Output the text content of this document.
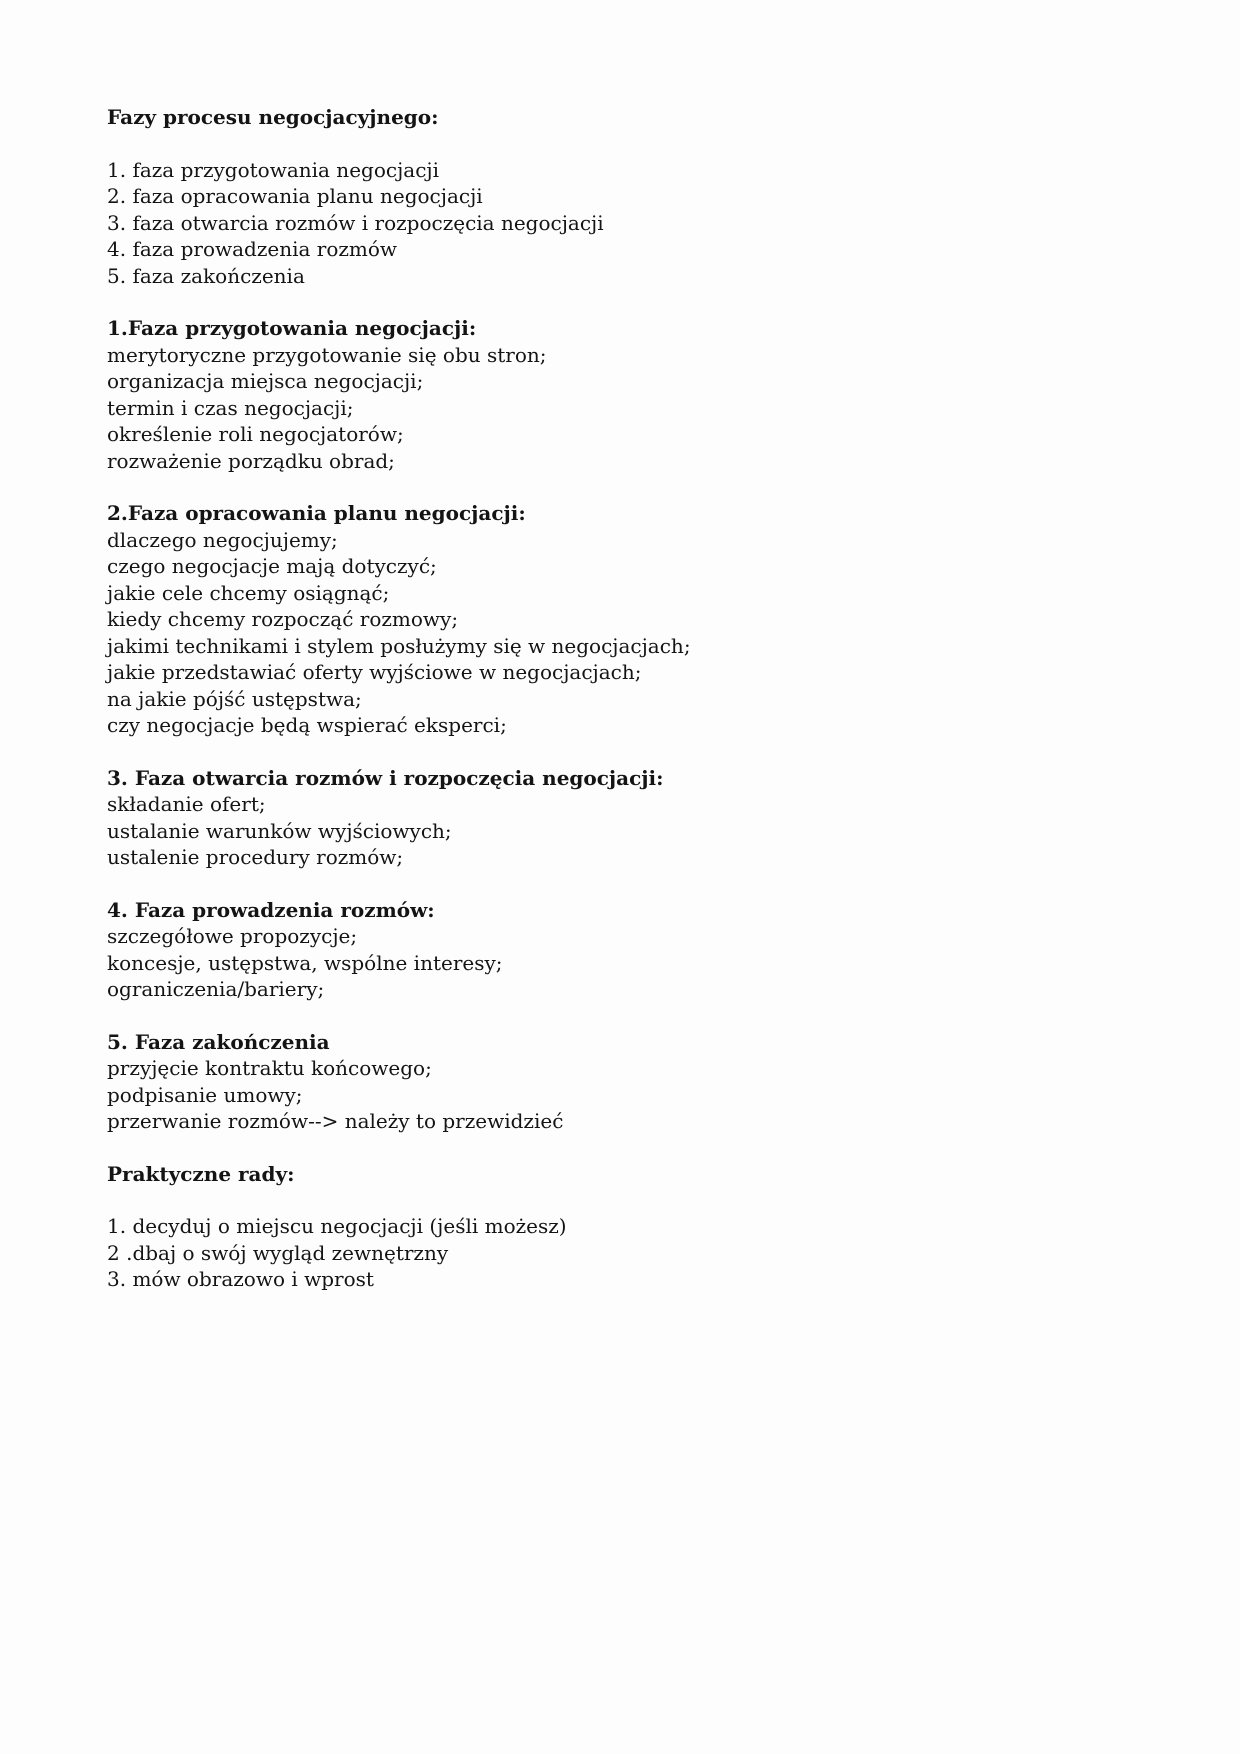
Fazy procesu negocjacyjnego:

1. faza przygotowania negocjacji
2. faza opracowania planu negocjacji
3. faza otwarcia rozmów i rozpoczęcia negocjacji
4. faza prowadzenia rozmów
5. faza zakończenia
1.Faza przygotowania negocjacji:
merytoryczne przygotowanie się obu stron;
organizacja miejsca negocjacji;
termin i czas negocjacji;
określenie roli negocjatorów;
rozważenie porządku obrad;
2.Faza opracowania planu negocjacji:
dlaczego negocjujemy;
czego negocjacje mają dotyczyć;
jakie cele chcemy osiągnąć;
kiedy chcemy rozpocząć rozmowy;
jakimi technikami i stylem posłużymy się w negocjacjach;
jakie przedstawiać oferty wyjściowe w negocjacjach;
na jakie pójść ustępstwa;
czy negocjacje będą wspierać eksperci;
3. Faza otwarcia rozmów i rozpoczęcia negocjacji:
składanie ofert;
ustalanie warunków wyjściowych;
ustalenie procedury rozmów;
4. Faza prowadzenia rozmów:
szczegółowe propozycje;
koncesje, ustępstwa, wspólne interesy;
ograniczenia/bariery;
5. Faza zakończenia
przyjęcie kontraktu końcowego;
podpisanie umowy;
przerwanie rozmów--> należy to przewidzieć
Praktyczne rady:
1. decyduj o miejscu negocjacji (jeśli możesz)
2 .dbaj o swój wygląd zewnętrzny
3. mów obrazowo i wprost
